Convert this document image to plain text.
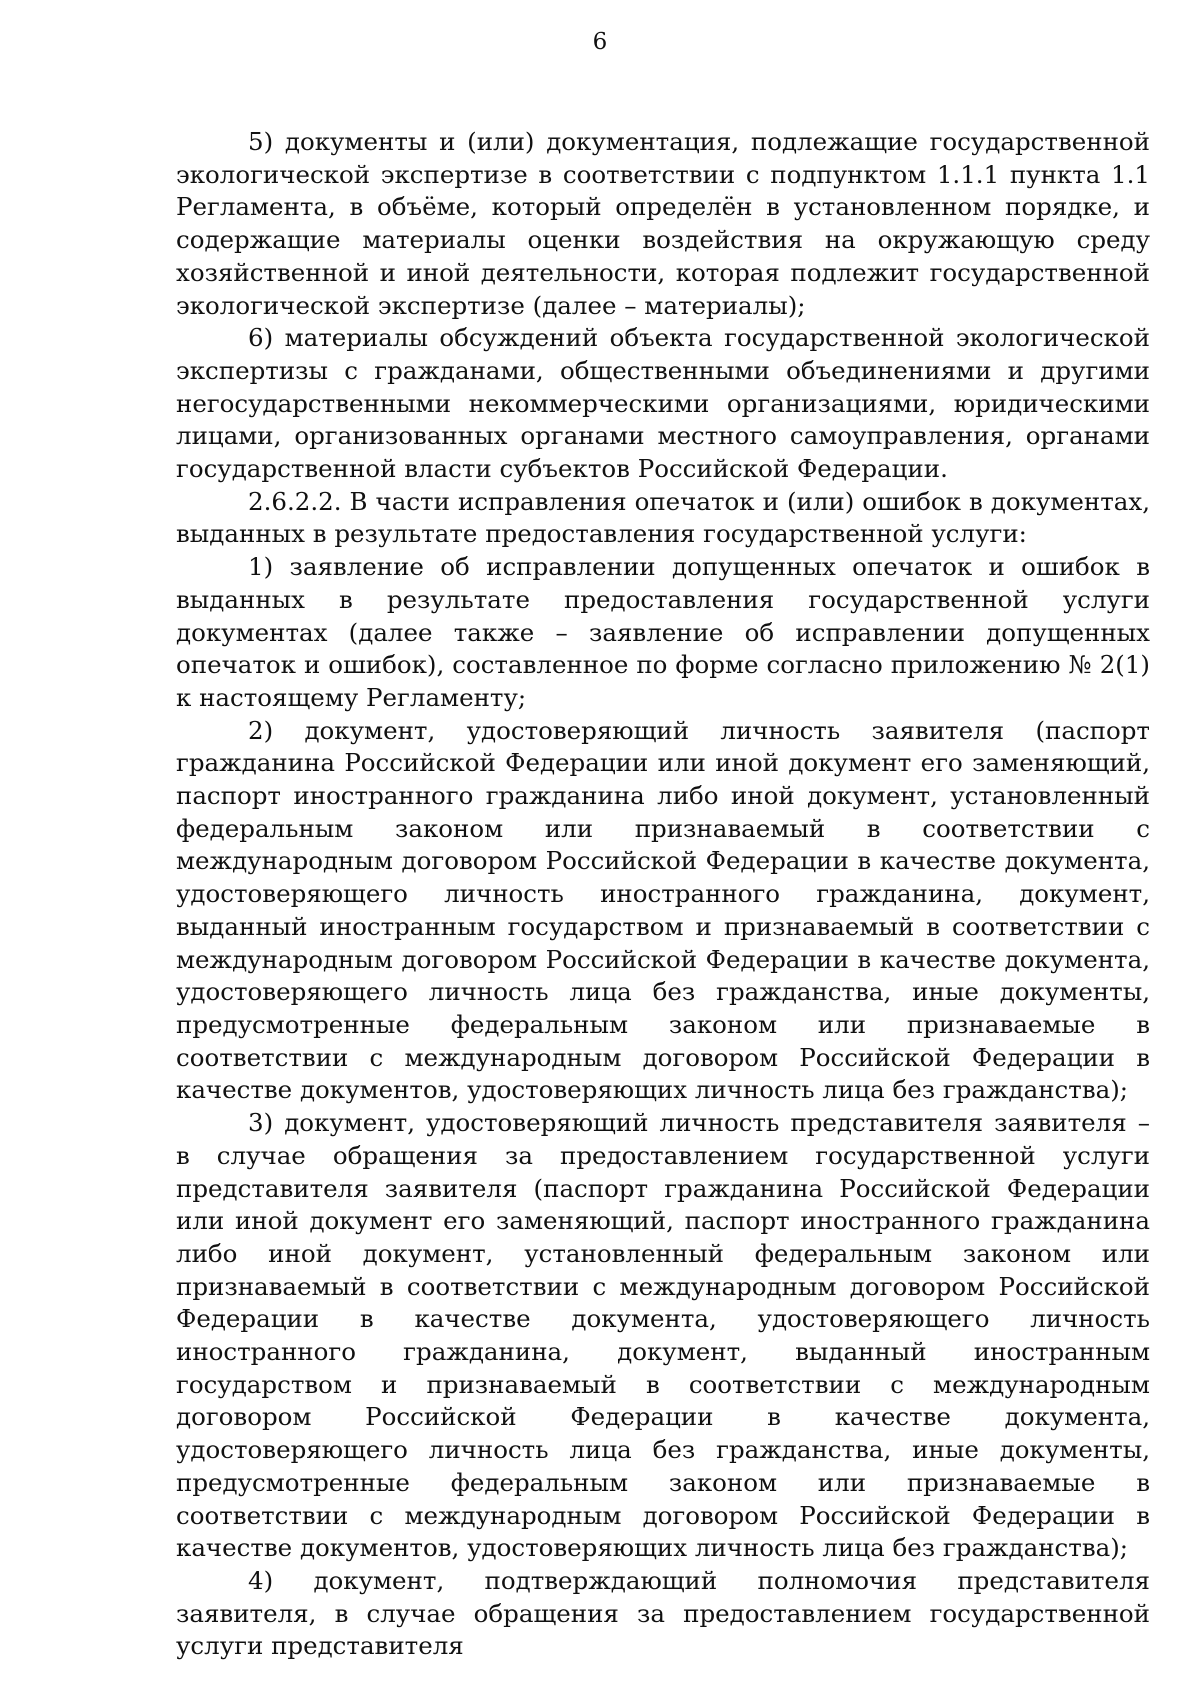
6

5) документы и (или) документация, подлежащие государственной экологической экспертизе в соответствии с подпунктом 1.1.1 пункта 1.1 Регламента, в объёме, который определён в установленном порядке, и содержащие материалы оценки воздействия на окружающую среду хозяйственной и иной деятельности, которая подлежит государственной экологической экспертизе (далее – материалы);

6) материалы обсуждений объекта государственной экологической экспертизы с гражданами, общественными объединениями и другими негосударственными некоммерческими организациями, юридическими лицами, организованных органами местного самоуправления, органами государственной власти субъектов Российской Федерации.

2.6.2.2. В части исправления опечаток и (или) ошибок в документах, выданных в результате предоставления государственной услуги:

1) заявление об исправлении допущенных опечаток и ошибок в выданных в результате предоставления государственной услуги документах (далее также – заявление об исправлении допущенных опечаток и ошибок), составленное по форме согласно приложению № 2(1) к настоящему Регламенту;

2) документ, удостоверяющий личность заявителя (паспорт гражданина Российской Федерации или иной документ его заменяющий, паспорт иностранного гражданина либо иной документ, установленный федеральным законом или признаваемый в соответствии с международным договором Российской Федерации в качестве документа, удостоверяющего личность иностранного гражданина, документ, выданный иностранным государством и признаваемый в соответствии с международным договором Российской Федерации в качестве документа, удостоверяющего личность лица без гражданства, иные документы, предусмотренные федеральным законом или признаваемые в соответствии с международным договором Российской Федерации в качестве документов, удостоверяющих личность лица без гражданства);

3) документ, удостоверяющий личность представителя заявителя – в случае обращения за предоставлением государственной услуги представителя заявителя (паспорт гражданина Российской Федерации или иной документ его заменяющий, паспорт иностранного гражданина либо иной документ, установленный федеральным законом или признаваемый в соответствии с международным договором Российской Федерации в качестве документа, удостоверяющего личность иностранного гражданина, документ, выданный иностранным государством и признаваемый в соответствии с международным договором Российской Федерации в качестве документа, удостоверяющего личность лица без гражданства, иные документы, предусмотренные федеральным законом или признаваемые в соответствии с международным договором Российской Федерации в качестве документов, удостоверяющих личность лица без гражданства);

4) документ, подтверждающий полномочия представителя заявителя, в случае обращения за предоставлением государственной услуги представителя
